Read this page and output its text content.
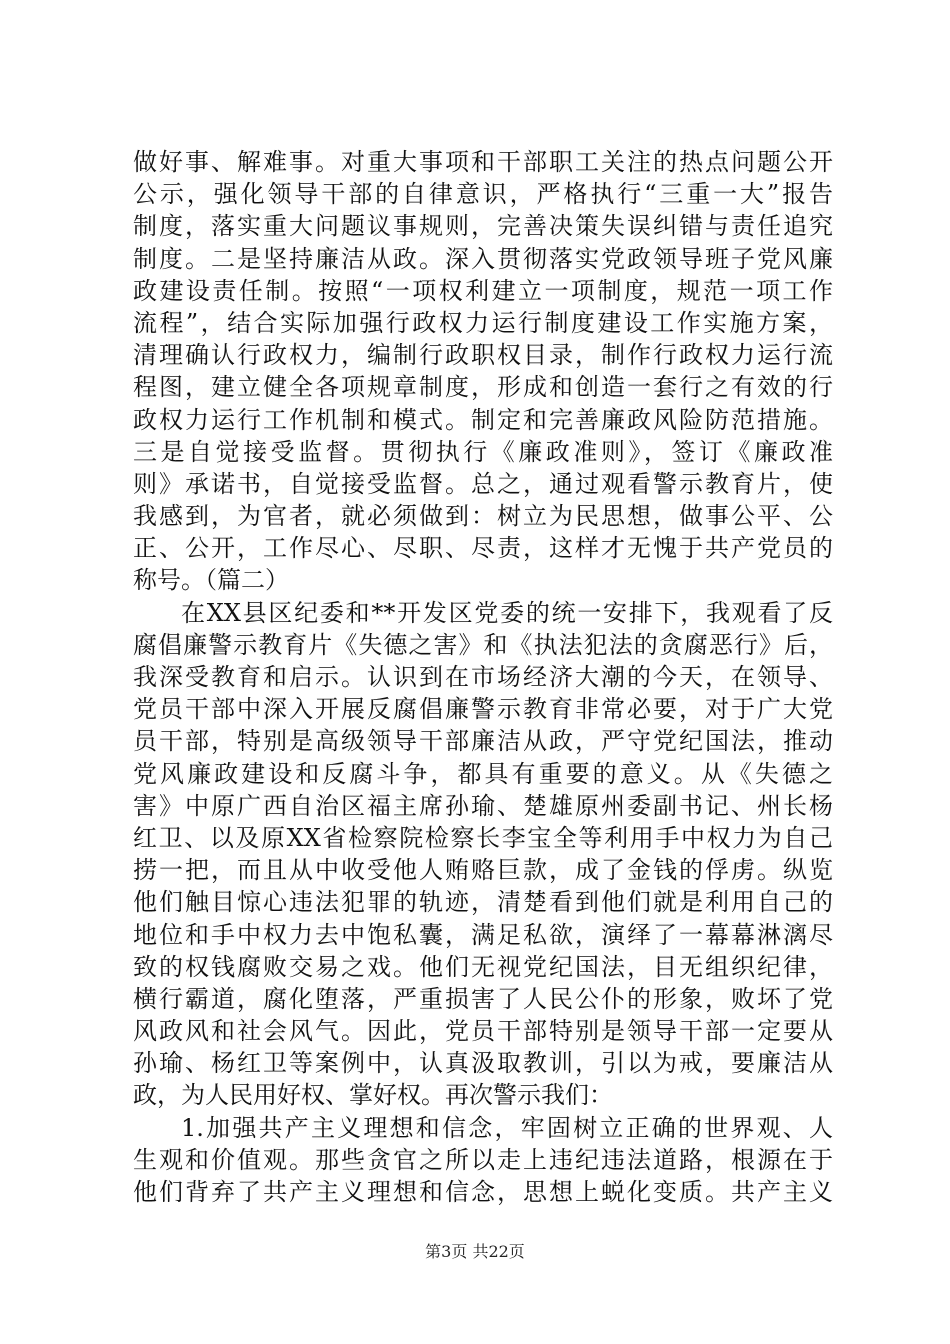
做好事、解难事。对重大事项和干部职工关注的热点问题公开
公示，强化领导干部的自律意识，严格执行“三重一大”报告
制度，落实重大问题议事规则，完善决策失误纠错与责任追究
制度。二是坚持廉洁从政。深入贯彻落实党政领导班子党风廉
政建设责任制。按照“一项权利建立一项制度，规范一项工作
流程”，结合实际加强行政权力运行制度建设工作实施方案，
清理确认行政权力，编制行政职权目录，制作行政权力运行流
程图，建立健全各项规章制度，形成和创造一套行之有效的行
政权力运行工作机制和模式。制定和完善廉政风险防范措施。
三是自觉接受监督。贯彻执行《廉政准则》，签订《廉政准
则》承诺书，自觉接受监督。总之，通过观看警示教育片，使
我感到，为官者，就必须做到：树立为民思想，做事公平、公
正、公开，工作尽心、尽职、尽责，这样才无愧于共产党员的
称号。（篇二）
在XX县区纪委和**开发区党委的统一安排下，我观看了反
腐倡廉警示教育片《失德之害》和《执法犯法的贪腐恶行》后，
我深受教育和启示。认识到在市场经济大潮的今天，在领导、
党员干部中深入开展反腐倡廉警示教育非常必要，对于广大党
员干部，特别是高级领导干部廉洁从政，严守党纪国法，推动
党风廉政建设和反腐斗争，都具有重要的意义。从《失德之
害》中原广西自治区福主席孙瑜、楚雄原州委副书记、州长杨
红卫、以及原XX省检察院检察长李宝全等利用手中权力为自己
捞一把，而且从中收受他人贿赂巨款，成了金钱的俘虏。纵览
他们触目惊心违法犯罪的轨迹，清楚看到他们就是利用自己的
地位和手中权力去中饱私囊，满足私欲，演绎了一幕幕淋漓尽
致的权钱腐败交易之戏。他们无视党纪国法，目无组织纪律，
横行霸道，腐化堕落，严重损害了人民公仆的形象，败坏了党
风政风和社会风气。因此，党员干部特别是领导干部一定要从
孙瑜、杨红卫等案例中，认真汲取教训，引以为戒，要廉洁从
政，为人民用好权、掌好权。再次警示我们：
1.加强共产主义理想和信念，牢固树立正确的世界观、人
生观和价值观。那些贪官之所以走上违纪违法道路，根源在于
他们背弃了共产主义理想和信念，思想上蜕化变质。共产主义
第3页 共22页
